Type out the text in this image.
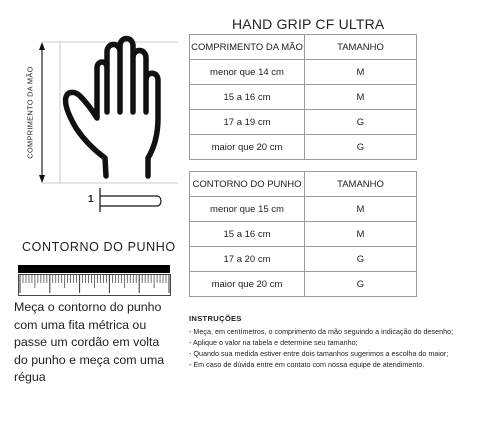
HAND GRIP CF ULTRA
COMPRIMENTO DA MÃO
1
CONTORNO DO PUNHO
Meça o contorno do punho com uma fita métrica ou passe um cordão em volta do punho e meça com uma régua
COMPRIMENTO DA MÃO	TAMANHO
menor que 14 cm	M
15 a 16 cm	M
17 a 19 cm	G
maior que 20 cm	G
CONTORNO DO PUNHO	TAMANHO
menor que 15 cm	M
15 a 16 cm	M
17 a 20 cm	G
maior que 20 cm	G
INSTRUÇÕES
- Meça, em centímetros, o comprimento da mão seguindo a indicação do desenho;
- Aplique o valor na tabela e determine seu tamanho;
- Quando sua medida estiver entre dois tamanhos sugerimos a escolha do maior;
- Em caso de dúvida entre em contato com nossa equipe de atendimento.
